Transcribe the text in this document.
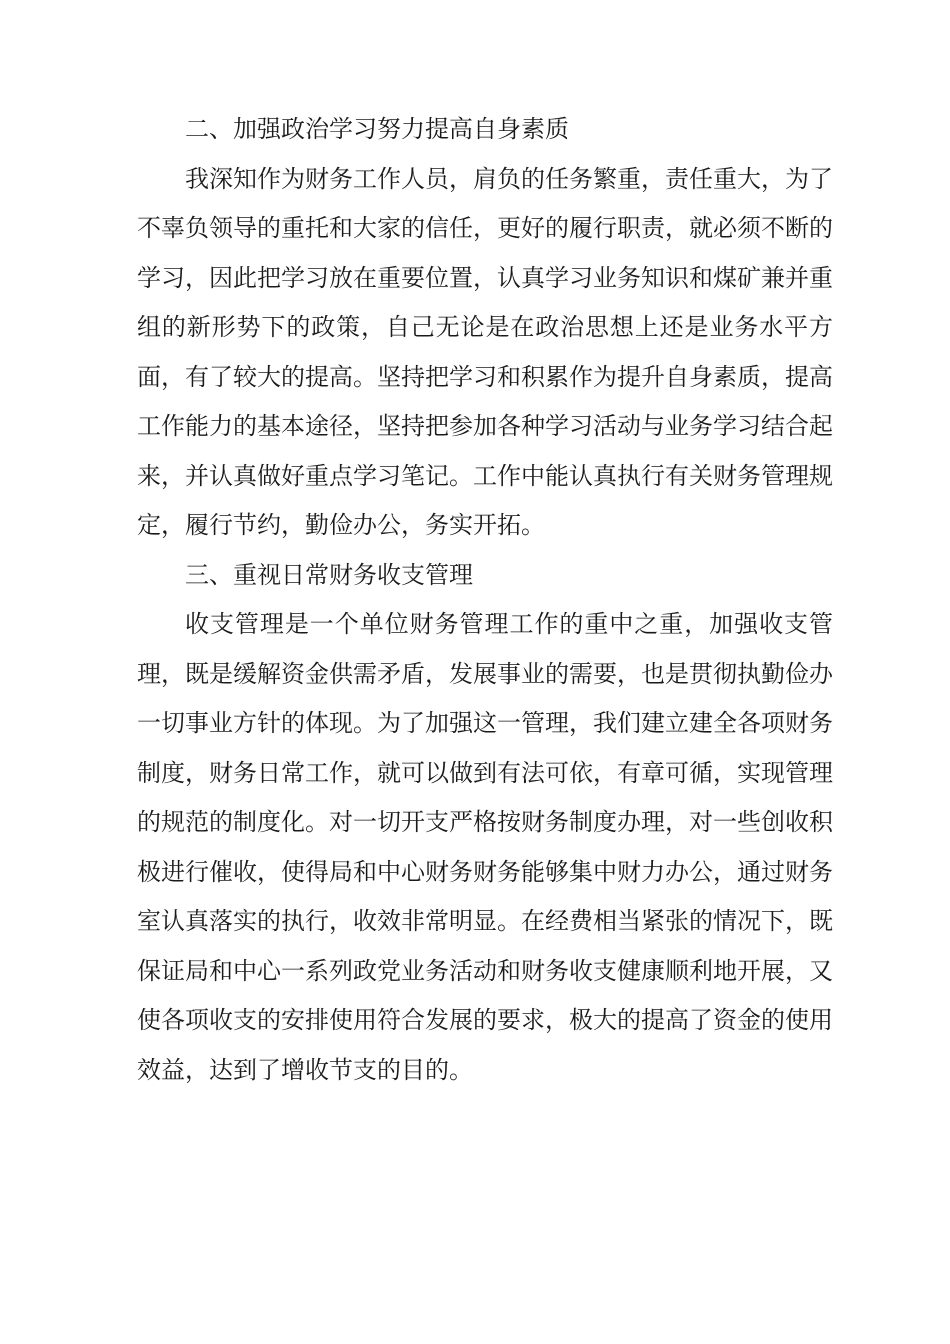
二、加强政治学习努力提高自身素质

我深知作为财务工作人员，肩负的任务繁重，责任重大，为了不辜负领导的重托和大家的信任，更好的履行职责，就必须不断的学习，因此把学习放在重要位置，认真学习业务知识和煤矿兼并重组的新形势下的政策，自己无论是在政治思想上还是业务水平方面，有了较大的提高。坚持把学习和积累作为提升自身素质，提高工作能力的基本途径，坚持把参加各种学习活动与业务学习结合起来，并认真做好重点学习笔记。工作中能认真执行有关财务管理规定，履行节约，勤俭办公，务实开拓。

三、重视日常财务收支管理

收支管理是一个单位财务管理工作的重中之重，加强收支管理，既是缓解资金供需矛盾，发展事业的需要，也是贯彻执勤俭办一切事业方针的体现。为了加强这一管理，我们建立建全各项财务制度，财务日常工作，就可以做到有法可依，有章可循，实现管理的规范的制度化。对一切开支严格按财务制度办理，对一些创收积极进行催收，使得局和中心财务财务能够集中财力办公，通过财务室认真落实的执行，收效非常明显。在经费相当紧张的情况下，既保证局和中心一系列政党业务活动和财务收支健康顺利地开展，又使各项收支的安排使用符合发展的要求，极大的提高了资金的使用效益，达到了增收节支的目的。
